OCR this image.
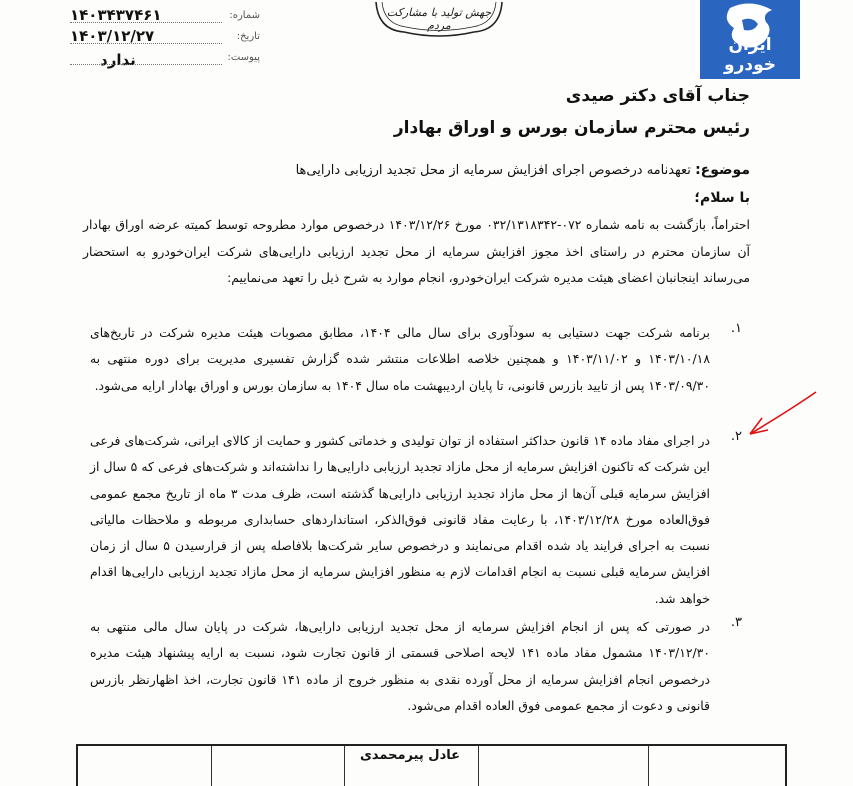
۱۴۰۳۴۳۷۴۶۱	شماره:
۱۴۰۳/۱۲/۲۷	تاریخ:
ندارد	پیوست:
جهش تولید با مشارکت مردم
ایران خودرو
جناب آقای دکتر صیدی
رئیس محترم سازمان بورس و اوراق بهادار
موضوع: تعهدنامه درخصوص اجرای افزایش سرمایه از محل تجدید ارزیابی دارایی‌ها
با سلام؛
احتراماً، بازگشت به نامه شماره ۰۷۲-۰۳۲/۱۳۱۸۳۴۲ مورخ ۱۴۰۳/۱۲/۲۶ درخصوص موارد مطروحه توسط کمیته عرضه اوراق بهادار آن سازمان محترم در راستای اخذ مجوز افزایش سرمایه از محل تجدید ارزیابی دارایی‌های شرکت ایران‌خودرو به استحضار می‌رساند اینجانبان اعضای هیئت مدیره شرکت ایران‌خودرو، انجام موارد به شرح ذیل را تعهد می‌نماییم:
۱.
برنامه شرکت جهت دستیابی به سودآوری برای سال مالی ۱۴۰۴، مطابق مصوبات هیئت مدیره شرکت در تاریخ‌های ۱۴۰۳/۱۰/۱۸ و ۱۴۰۳/۱۱/۰۲ و همچنین خلاصه اطلاعات منتشر شده گزارش تفسیری مدیریت برای دوره منتهی به ۱۴۰۳/۰۹/۳۰ پس از تایید بازرس قانونی، تا پایان اردیبهشت ماه سال ۱۴۰۴ به سازمان بورس و اوراق بهادار ارایه می‌شود.
۲.
در اجرای مفاد ماده ۱۴ قانون حداکثر استفاده از توان تولیدی و خدماتی کشور و حمایت از کالای ایرانی، شرکت‌های فرعی این شرکت که تاکنون افزایش سرمایه از محل مازاد تجدید ارزیابی دارایی‌ها را نداشته‌اند و شرکت‌های فرعی که ۵ سال از افزایش سرمایه قبلی آن‌ها از محل مازاد تجدید ارزیابی دارایی‌ها گذشته است، ظرف مدت ۳ ماه از تاریخ مجمع عمومی فوق‌العاده مورخ ۱۴۰۳/۱۲/۲۸، با رعایت مفاد قانونی فوق‌الذکر، استانداردهای حسابداری مربوطه و ملاحظات مالیاتی نسبت به اجرای فرایند یاد شده اقدام می‌نمایند و درخصوص سایر شرکت‌ها بلافاصله پس از فرارسیدن ۵ سال از زمان افزایش سرمایه قبلی نسبت به انجام اقدامات لازم به منظور افزایش سرمایه از محل مازاد تجدید ارزیابی دارایی‌ها اقدام خواهد شد.
۳.
در صورتی که پس از انجام افزایش سرمایه از محل تجدید ارزیابی دارایی‌ها، شرکت در پایان سال مالی منتهی به ۱۴۰۳/۱۲/۳۰ مشمول مفاد ماده ۱۴۱ لایحه اصلاحی قسمتی از قانون تجارت شود، نسبت به ارایه پیشنهاد هیئت مدیره درخصوص انجام افزایش سرمایه از محل آورده نقدی به منظور خروج از ماده ۱۴۱ قانون تجارت، اخذ اظهارنظر بازرس قانونی و دعوت از مجمع عمومی فوق العاده اقدام می‌شود.
عادل پیرمحمدی
